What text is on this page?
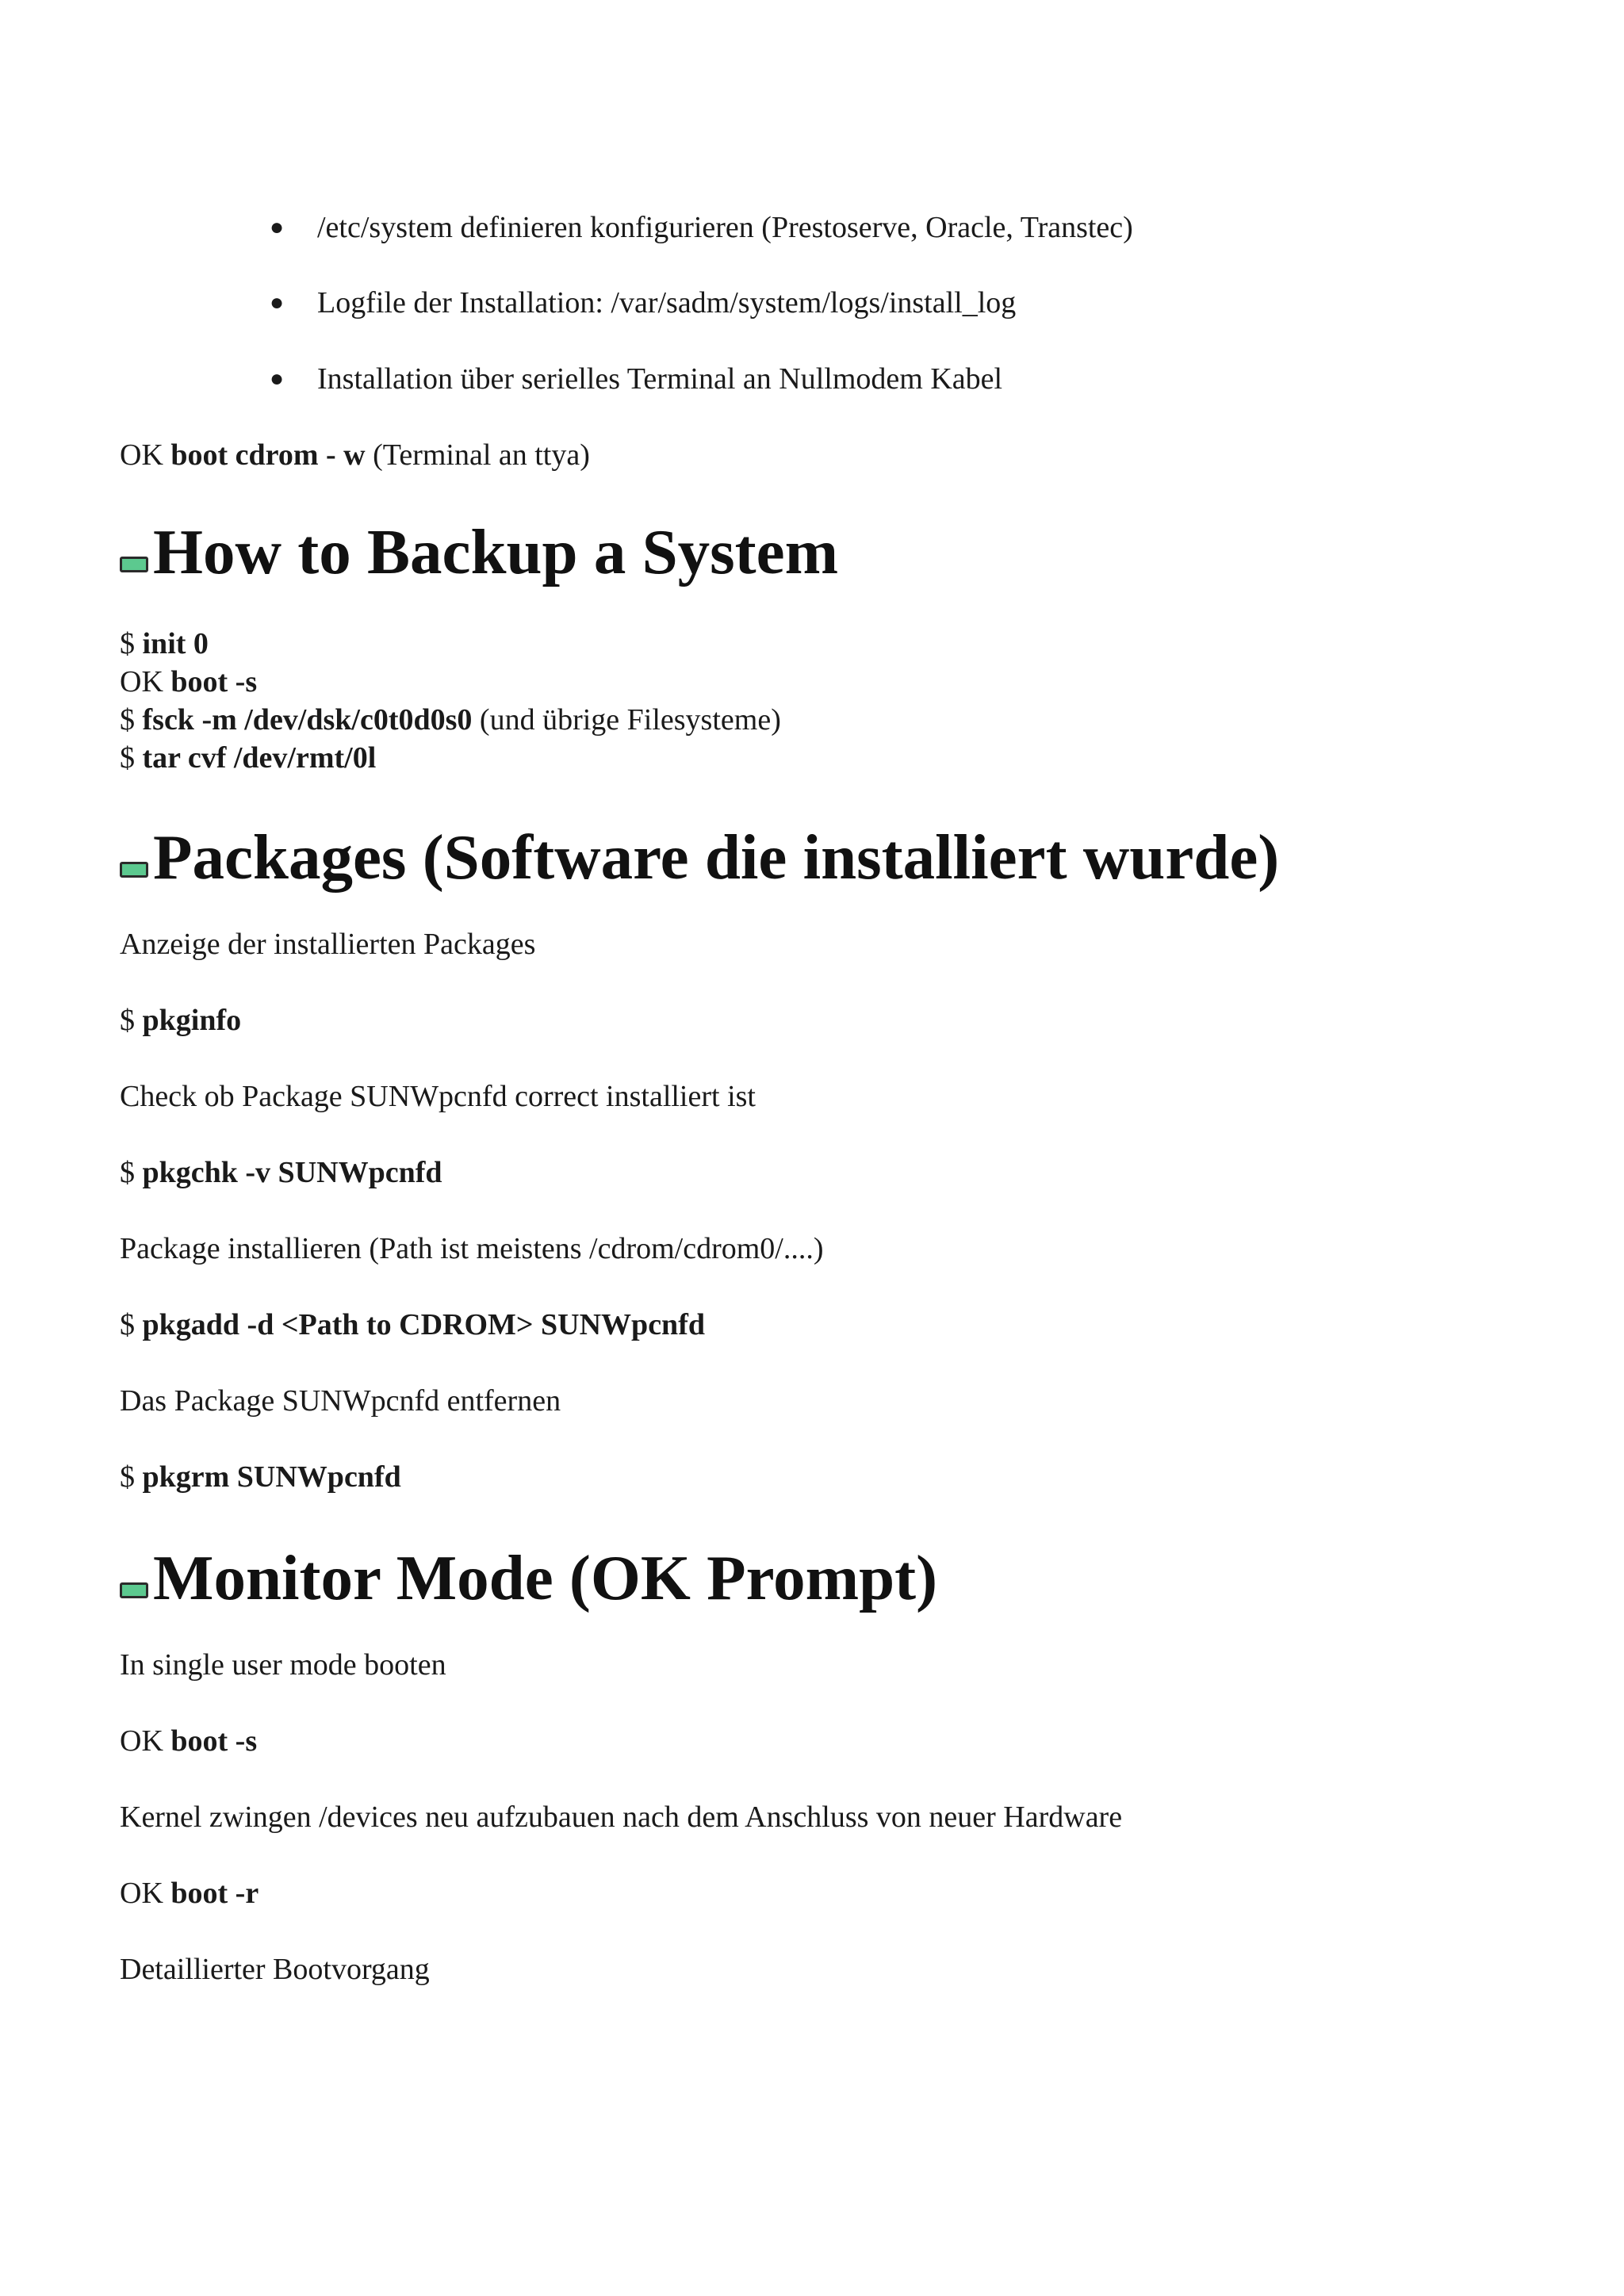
● /etc/system definieren konfigurieren (Prestoserve, Oracle, Transtec)
● Logfile der Installation: /var/sadm/system/logs/install_log
● Installation über serielles Terminal an Nullmodem Kabel

OK boot cdrom - w (Terminal an ttya)

How to Backup a System
$ init 0
OK boot -s
$ fsck -m /dev/dsk/c0t0d0s0 (und übrige Filesysteme)
$ tar cvf /dev/rmt/0l
Packages (Software die installiert wurde)

Anzeige der installierten Packages

$ pkginfo

Check ob Package SUNWpcnfd correct installiert ist

$ pkgchk -v SUNWpcnfd

Package installieren (Path ist meistens /cdrom/cdrom0/....)

$ pkgadd -d <Path to CDROM> SUNWpcnfd

Das Package SUNWpcnfd entfernen

$ pkgrm SUNWpcnfd

Monitor Mode (OK Prompt)

In single user mode booten

OK boot -s

Kernel zwingen /devices neu aufzubauen nach dem Anschluss von neuer Hardware

OK boot -r

Detaillierter Bootvorgang
